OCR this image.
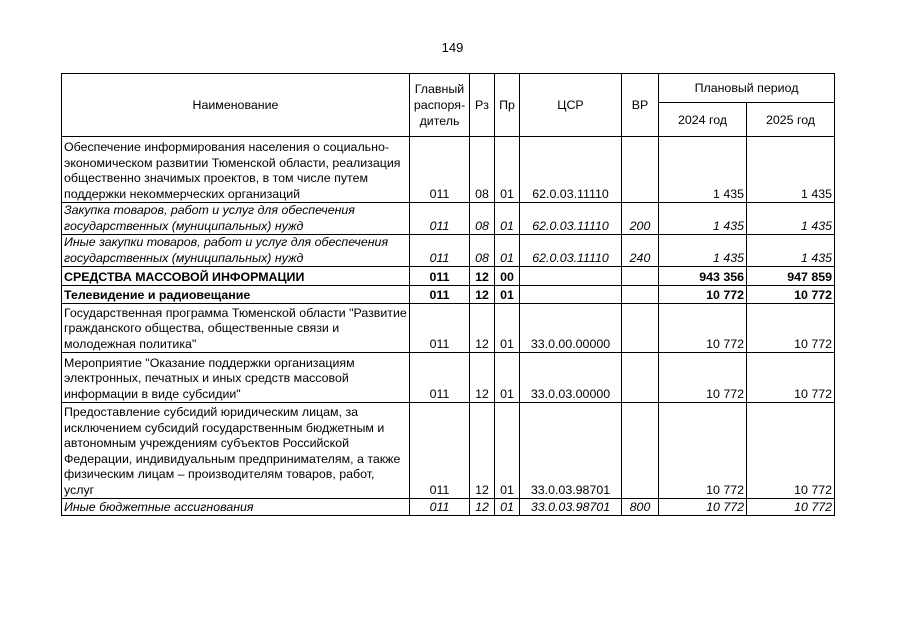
149
Наименование	Главный распоря-дитель	Рз	Пр	ЦСР	ВР	Плановый период	
						2024 год	2025 год
Обеспечение информирования населения о социально-экономическом развитии Тюменской области, реализация общественно значимых проектов, в том числе путем поддержки некоммерческих организаций	011	08	01	62.0.03.11110		1 435	1 435
Закупка товаров, работ и услуг для обеспечения государственных (муниципальных) нужд	011	08	01	62.0.03.11110	200	1 435	1 435
Иные закупки товаров, работ и услуг для обеспечения государственных (муниципальных) нужд	011	08	01	62.0.03.11110	240	1 435	1 435
СРЕДСТВА МАССОВОЙ ИНФОРМАЦИИ	011	12	00			943 356	947 859
Телевидение и радиовещание	011	12	01			10 772	10 772
Государственная программа Тюменской области "Развитие гражданского общества, общественные связи и молодежная политика"	011	12	01	33.0.00.00000		10 772	10 772
Мероприятие "Оказание поддержки организациям электронных, печатных и иных средств массовой информации в виде субсидии"	011	12	01	33.0.03.00000		10 772	10 772
Предоставление субсидий юридическим лицам, за исключением субсидий государственным бюджетным и автономным учреждениям субъектов Российской Федерации, индивидуальным предпринимателям, а также физическим лицам – производителям товаров, работ, услуг	011	12	01	33.0.03.98701		10 772	10 772
Иные бюджетные ассигнования	011	12	01	33.0.03.98701	800	10 772	10 772
